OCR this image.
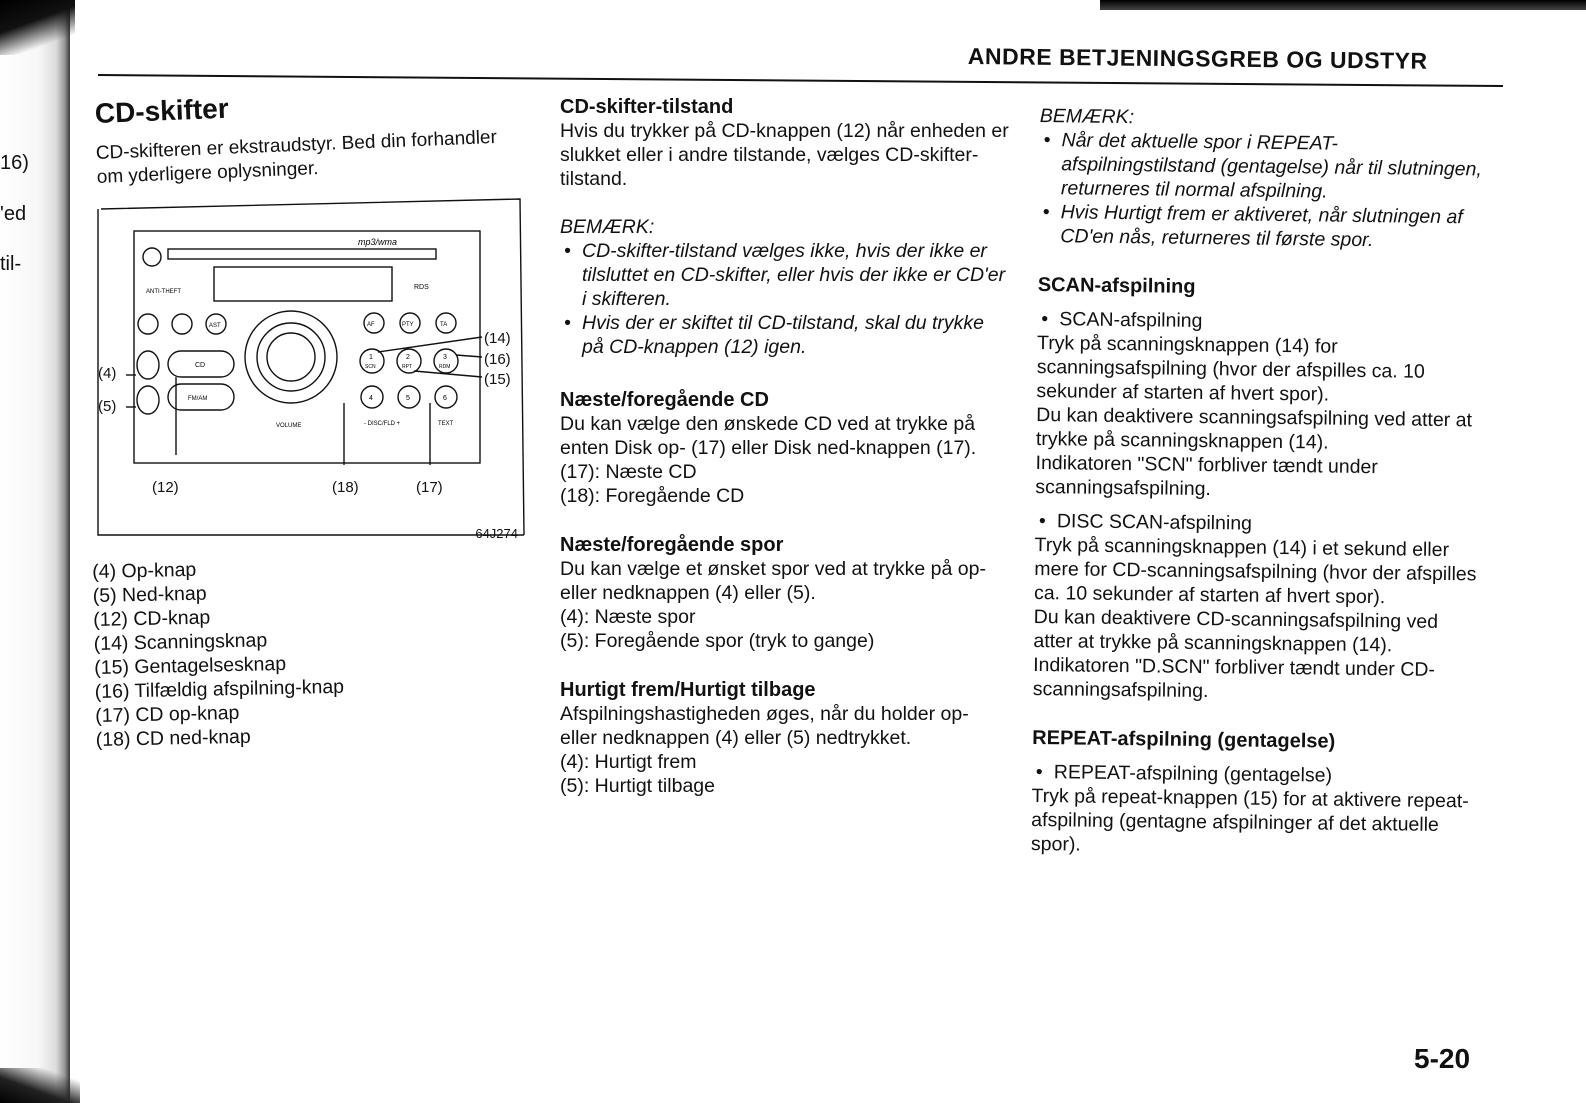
16)
'ed
til-
ANDRE BETJENINGSGREB OG UDSTYR
CD-skifter

CD-skifteren er ekstraudstyr. Bed din forhandler om yderligere oplysninger.

mp3/wma
ANTI-THEFT
RDS
AF	PTY	TA
AST
CD
FM/AM
VOLUME	- DISC/FLD +	TEXT
1	2	3
SCN	RPT	RDM
4	5	6
(4)
(5)
(12)	(18)	(17)
(14)
(16)
(15)
64J274
(4) Op-knap
(5) Ned-knap
(12) CD-knap
(14) Scanningsknap
(15) Gentagelsesknap
(16) Tilfældig afspilning-knap
(17) CD op-knap
(18) CD ned-knap
CD-skifter-tilstand

Hvis du trykker på CD-knappen (12) når enheden er slukket eller i andre tilstande, vælges CD-skifter-tilstand.

BEMÆRK:

• CD-skifter-tilstand vælges ikke, hvis der ikke er tilsluttet en CD-skifter, eller hvis der ikke er CD'er i skifteren.
• Hvis der er skiftet til CD-tilstand, skal du trykke på CD-knappen (12) igen.
Næste/foregående CD

Du kan vælge den ønskede CD ved at trykke på enten Disk op- (17) eller Disk ned-knappen (17).

(17): Næste CD

(18): Foregående CD

Næste/foregående spor

Du kan vælge et ønsket spor ved at trykke på op- eller nedknappen (4) eller (5).

(4): Næste spor

(5): Foregående spor (tryk to gange)

Hurtigt frem/Hurtigt tilbage

Afspilningshastigheden øges, når du holder op- eller nedknappen (4) eller (5) nedtrykket.

(4): Hurtigt frem

(5): Hurtigt tilbage

BEMÆRK:

• Når det aktuelle spor i REPEAT-afspilningstilstand (gentagelse) når til slutningen, returneres til normal afspilning.
• Hvis Hurtigt frem er aktiveret, når slutningen af CD'en nås, returneres til første spor.
SCAN-afspilning
• SCAN-afspilning

Tryk på scanningsknappen (14) for scanningsafspilning (hvor der afspilles ca. 10 sekunder af starten af hvert spor).

Du kan deaktivere scanningsafspilning ved atter at trykke på scanningsknappen (14).

Indikatoren "SCN" forbliver tændt under scanningsafspilning.

• DISC SCAN-afspilning

Tryk på scanningsknappen (14) i et sekund eller mere for CD-scanningsafspilning (hvor der afspilles ca. 10 sekunder af starten af hvert spor).

Du kan deaktivere CD-scanningsafspilning ved atter at trykke på scanningsknappen (14).

Indikatoren "D.SCN" forbliver tændt under CD-scanningsafspilning.

REPEAT-afspilning (gentagelse)
• REPEAT-afspilning (gentagelse)

Tryk på repeat-knappen (15) for at aktivere repeat-afspilning (gentagne afspilninger af det aktuelle spor).

5-20
